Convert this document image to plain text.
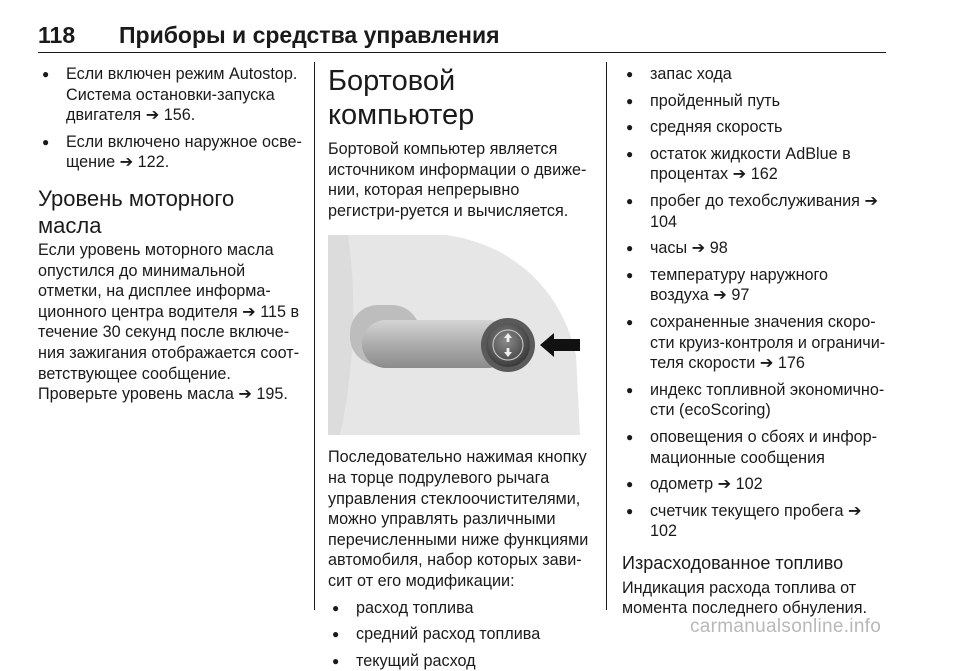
118 Приборы и средства управления
● Если включен режим Autostop.

Система остановки-запуска двигателя ➔ 156.

● Если включено наружное осве-щение ➔ 122.
Уровень моторного масла

Если уровень моторного масла опустился до минимальной отметки, на дисплее информа-ционного центра водителя ➔ 115 в течение 30 секунд после включе-ния зажигания отображается соот-ветствующее сообщение.

Проверьте уровень масла ➔ 195.

Бортовой компьютер

Бортовой компьютер является источником информации о движе-нии, которая непрерывно регистри-руется и вычисляется.

Последовательно нажимая кнопку на торце подрулевого рычага управления стеклоочистителями, можно управлять различными перечисленными ниже функциями автомобиля, набор которых зави-сит от его модификации:

● расход топлива
● средний расход топлива
● текущий расход
● запас хода
● пройденный путь
● средняя скорость
● остаток жидкости AdBlue в процентах ➔ 162
● пробег до техобслуживания ➔ 104
● часы ➔ 98
● температуру наружного воздуха ➔ 97
● сохраненные значения скоро-сти круиз-контроля и ограничи-теля скорости ➔ 176
● индекс топливной экономично-сти (ecoScoring)
● оповещения о сбоях и инфор-мационные сообщения
● одометр ➔ 102
● счетчик текущего пробега ➔ 102
Израсходованное топливо

Индикация расхода топлива от момента последнего обнуления.

carmanualsonline.info
